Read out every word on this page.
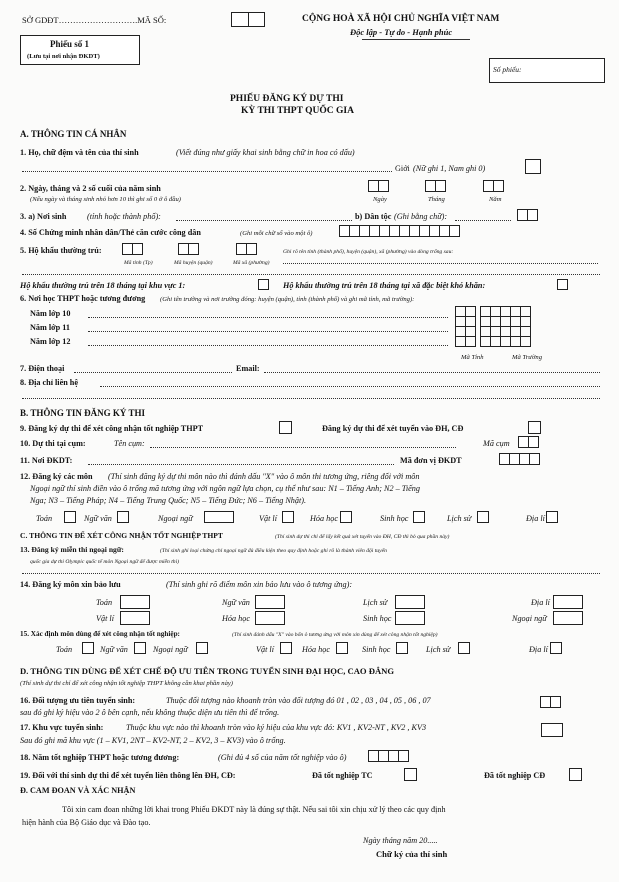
SỞ GDĐT……………………….MÃ SỐ:	CỘNG HOÀ XÃ HỘI CHỦ NGHĨA VIỆT NAM
Độc lập - Tự do - Hạnh phúc
Phiếu số 1
(Lưu tại nơi nhận ĐKDT)
Số phiếu:
PHIẾU ĐĂNG KÝ DỰ THI
KỲ THI THPT QUỐC GIA
A. THÔNG TIN CÁ NHÂN
1. Họ, chữ đệm và tên của thí sinh	(Viết đúng như giấy khai sinh bằng chữ in hoa có dấu)
Giới (Nữ ghi 1, Nam ghi 0)
2. Ngày, tháng và 2 số cuối của năm sinh
(Nếu ngày và tháng sinh nhỏ hơn 10 thì ghi số 0 ở ô đầu)	Ngày	Tháng	Năm
3. a) Nơi sinh	(tỉnh hoặc thành phố):	b) Dân tộc (Ghi bằng chữ):
4. Số Chứng minh nhân dân/Thẻ căn cước công dân	(Ghi mỗi chữ số vào một ô)
5. Hộ khẩu thường trú:	Ghi rõ tên tỉnh (thành phố), huyện (quận), xã (phường) vào dòng trống sau:
Mã tỉnh (Tp)	Mã huyện (quận)	Mã xã (phường)
Hộ khẩu thường trú trên 18 tháng tại khu vực 1:	Hộ khẩu thường trú trên 18 tháng tại xã đặc biệt khó khăn:
6. Nơi học THPT hoặc tương đương (Ghi tên trường và nơi trường đóng: huyện (quận), tỉnh (thành phố) và ghi mã tỉnh, mã trường):
Năm lớp 10
Năm lớp 11
Năm lớp 12

Mã Tỉnh	Mã Trường
7. Điện thoại	Email:
8. Địa chỉ liên hệ
B. THÔNG TIN ĐĂNG KÝ THI
9. Đăng ký dự thi để xét công nhận tốt nghiệp THPT	Đăng ký dự thi để xét tuyển vào ĐH, CĐ
10. Dự thi tại cụm:	Tên cụm:	Mã cụm
11. Nơi ĐKDT:	Mã đơn vị ĐKDT
12. Đăng ký các môn (Thí sinh đăng ký dự thi môn nào thì đánh dấu "X" vào ô môn thi tương ứng, riêng đối với môn
Ngoại ngữ thí sinh điền vào ô trống mã tương ứng với ngôn ngữ lựa chọn, cụ thể như sau: N1 – Tiếng Anh; N2 – Tiếng
Nga; N3 – Tiếng Pháp; N4 – Tiếng Trung Quốc; N5 – Tiếng Đức; N6 – Tiếng Nhật).
Toán	Ngữ văn	Ngoại ngữ	Vật lí	Hóa học	Sinh học	Lịch sử	Địa lí
C. THÔNG TIN ĐỂ XÉT CÔNG NHẬN TỐT NGHIỆP THPT	(Thí sinh dự thi chỉ để lấy kết quả xét tuyển vào ĐH, CĐ thì bỏ qua phần này)
13. Đăng ký miễn thi ngoại ngữ:	(Thí sinh ghi loại chứng chỉ ngoại ngữ đủ điều kiện theo quy định hoặc ghi rõ là thành viên đội tuyển
quốc gia dự thi Olympic quốc tế môn Ngoại ngữ để được miễn thi)
14. Đăng ký môn xin bảo lưu	(Thí sinh ghi rõ điểm môn xin bảo lưu vào ô tương ứng):
Toán	Ngữ văn	Lịch sử	Địa lí
Vật lí	Hóa học	Sinh học	Ngoại ngữ
15. Xác định môn dùng để xét công nhận tốt nghiệp:	(Thí sinh đánh dấu "X" vào bốn ô tương ứng với môn xin dùng để xét công nhận tốt nghiệp)
Toán	Ngữ văn	Ngoại ngữ	Vật lí	Hóa học	Sinh học	Lịch sử	Địa lí
D. THÔNG TIN DÙNG ĐỂ XÉT CHẾ ĐỘ ƯU TIÊN TRONG TUYỂN SINH ĐẠI HỌC, CAO ĐẲNG
(Thí sinh dự thi chỉ để xét công nhận tốt nghiệp THPT không cần khai phần này)
16. Đối tượng ưu tiên tuyển sinh:	Thuộc đối tượng nào khoanh tròn vào đối tượng đó 01 , 02 , 03 , 04 , 05 , 06 , 07
sau đó ghi ký hiệu vào 2 ô bên cạnh, nếu không thuộc diện ưu tiên thì để trống.
17. Khu vực tuyển sinh:	Thuộc khu vực nào thì khoanh tròn vào ký hiệu của khu vực đó: KV1 , KV2-NT , KV2 , KV3
Sau đó ghi mã khu vực (1 – KV1, 2NT – KV2-NT, 2 – KV2, 3 – KV3) vào ô trống.
18. Năm tốt nghiệp THPT hoặc tương đương:	(Ghi đủ 4 số của năm tốt nghiệp vào ô)
19. Đối với thí sinh dự thi để xét tuyển liên thông lên ĐH, CĐ:	Đã tốt nghiệp TC	Đã tốt nghiệp CĐ
Đ. CAM ĐOAN VÀ XÁC NHẬN
Tôi xin cam đoan những lời khai trong Phiếu ĐKDT này là đúng sự thật. Nếu sai tôi xin chịu xử lý theo các quy định
hiện hành của Bộ Giáo dục và Đào tạo.
Ngày tháng năm 20.....
Chữ ký của thí sinh
